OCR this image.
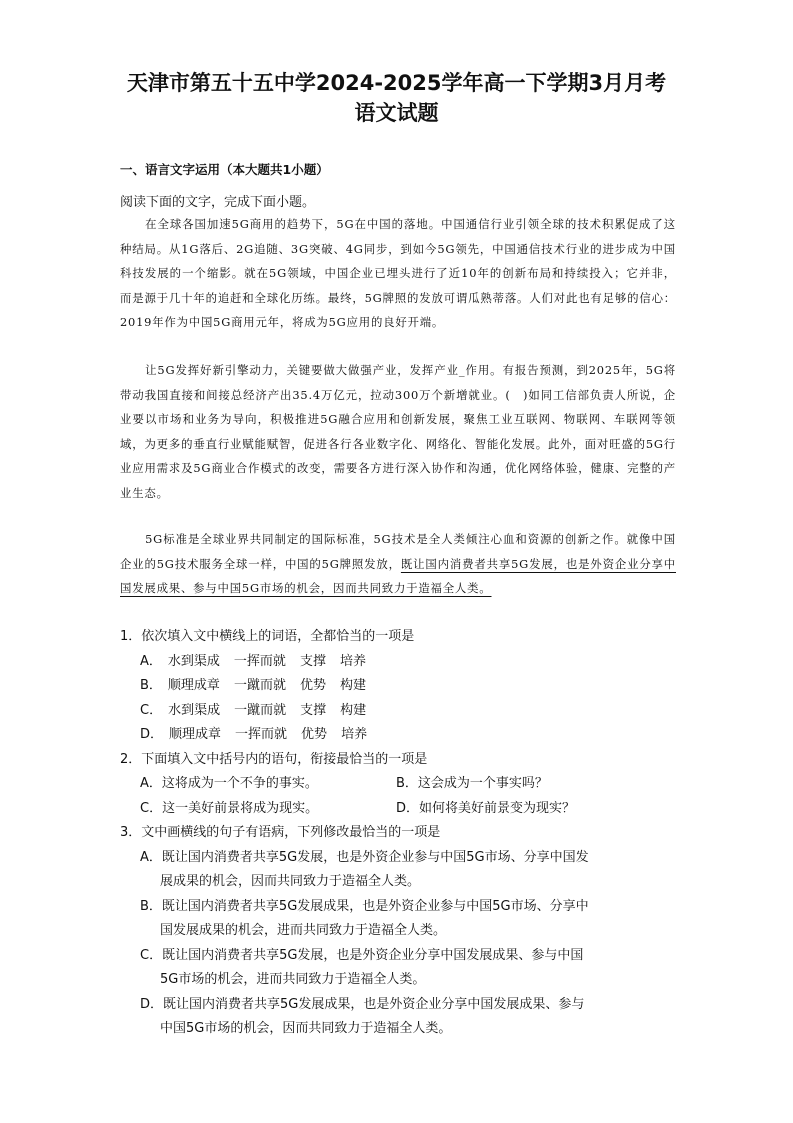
天津市第五十五中学2024-2025学年高一下学期3月月考
语文试题
一、语言文字运用（本大题共1小题）
阅读下面的文字，完成下面小题。

在全球各国加速5G商用的趋势下，5G在中国的落地。中国通信行业引领全球的技术积累促成了这种结局。从1G落后、2G追随、3G突破、4G同步，到如今5G领先，中国通信技术行业的进步成为中国科技发展的一个缩影。就在5G领域，中国企业已埋头进行了近10年的创新布局和持续投入；它并非，而是源于几十年的追赶和全球化历练。最终，5G牌照的发放可谓瓜熟蒂落。人们对此也有足够的信心：2019年作为中国5G商用元年，将成为5G应用的良好开端。

让5G发挥好新引擎动力，关键要做大做强产业，发挥产业_作用。有报告预测，到2025年，5G将带动我国直接和间接总经济产出35.4万亿元，拉动300万个新增就业。(　)如同工信部负责人所说，企业要以市场和业务为导向，积极推进5G融合应用和创新发展，聚焦工业互联网、物联网、车联网等领域，为更多的垂直行业赋能赋智，促进各行各业数字化、网络化、智能化发展。此外，面对旺盛的5G行业应用需求及5G商业合作模式的改变，需要各方进行深入协作和沟通，优化网络体验，健康、完整的产业生态。

5G标准是全球业界共同制定的国际标准，5G技术是全人类倾注心血和资源的创新之作。就像中国企业的5G技术服务全球一样，中国的5G牌照发放，既让国内消费者共享5G发展，也是外资企业分享中国发展成果、参与中国5G市场的机会，因而共同致力于造福全人类。

1．依次填入文中横线上的词语，全都恰当的一项是
A． 水到渠成 一挥而就 支撑 培养
B． 顺理成章 一蹴而就 优势 构建
C． 水到渠成 一蹴而就 支撑 构建
D． 顺理成章 一挥而就 优势 培养
2．下面填入文中括号内的语句，衔接最恰当的一项是
A．这将成为一个不争的事实。	B．这会成为一个事实吗？
C．这一美好前景将成为现实。	D．如何将美好前景变为现实？
3．文中画横线的句子有语病，下列修改最恰当的一项是
A．既让国内消费者共享5G发展，也是外资企业参与中国5G市场、分享中国发
展成果的机会，因而共同致力于造福全人类。
B．既让国内消费者共享5G发展成果，也是外资企业参与中国5G市场、分享中
国发展成果的机会，进而共同致力于造福全人类。
C．既让国内消费者共享5G发展，也是外资企业分享中国发展成果、参与中国
5G市场的机会，进而共同致力于造福全人类。
D．既让国内消费者共享5G发展成果，也是外资企业分享中国发展成果、参与
中国5G市场的机会，因而共同致力于造福全人类。
